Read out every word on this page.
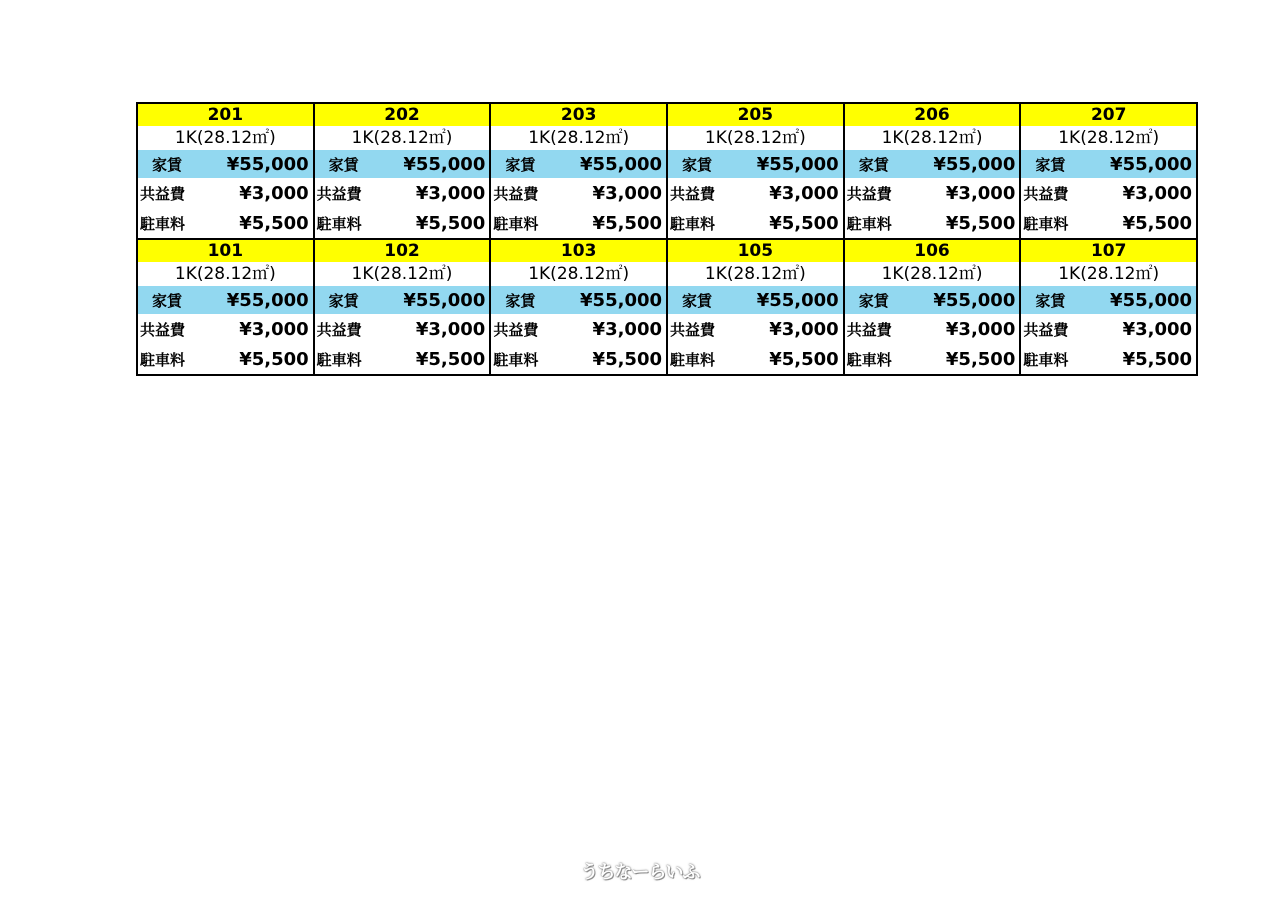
201
1K(28.12㎡)
家賃 ¥55,000
共益費	¥3,000
駐車料	¥5,500
202
1K(28.12㎡)
家賃 ¥55,000
共益費	¥3,000
駐車料	¥5,500
203
1K(28.12㎡)
家賃 ¥55,000
共益費	¥3,000
駐車料	¥5,500
205
1K(28.12㎡)
家賃 ¥55,000
共益費	¥3,000
駐車料	¥5,500
206
1K(28.12㎡)
家賃 ¥55,000
共益費	¥3,000
駐車料	¥5,500
207
1K(28.12㎡)
家賃 ¥55,000
共益費	¥3,000
駐車料	¥5,500
101
1K(28.12㎡)
家賃 ¥55,000
共益費	¥3,000
駐車料	¥5,500
102
1K(28.12㎡)
家賃 ¥55,000
共益費	¥3,000
駐車料	¥5,500
103
1K(28.12㎡)
家賃 ¥55,000
共益費	¥3,000
駐車料	¥5,500
105
1K(28.12㎡)
家賃 ¥55,000
共益費	¥3,000
駐車料	¥5,500
106
1K(28.12㎡)
家賃 ¥55,000
共益費	¥3,000
駐車料	¥5,500
107
1K(28.12㎡)
家賃 ¥55,000
共益費	¥3,000
駐車料	¥5,500
うちなーらいふ
